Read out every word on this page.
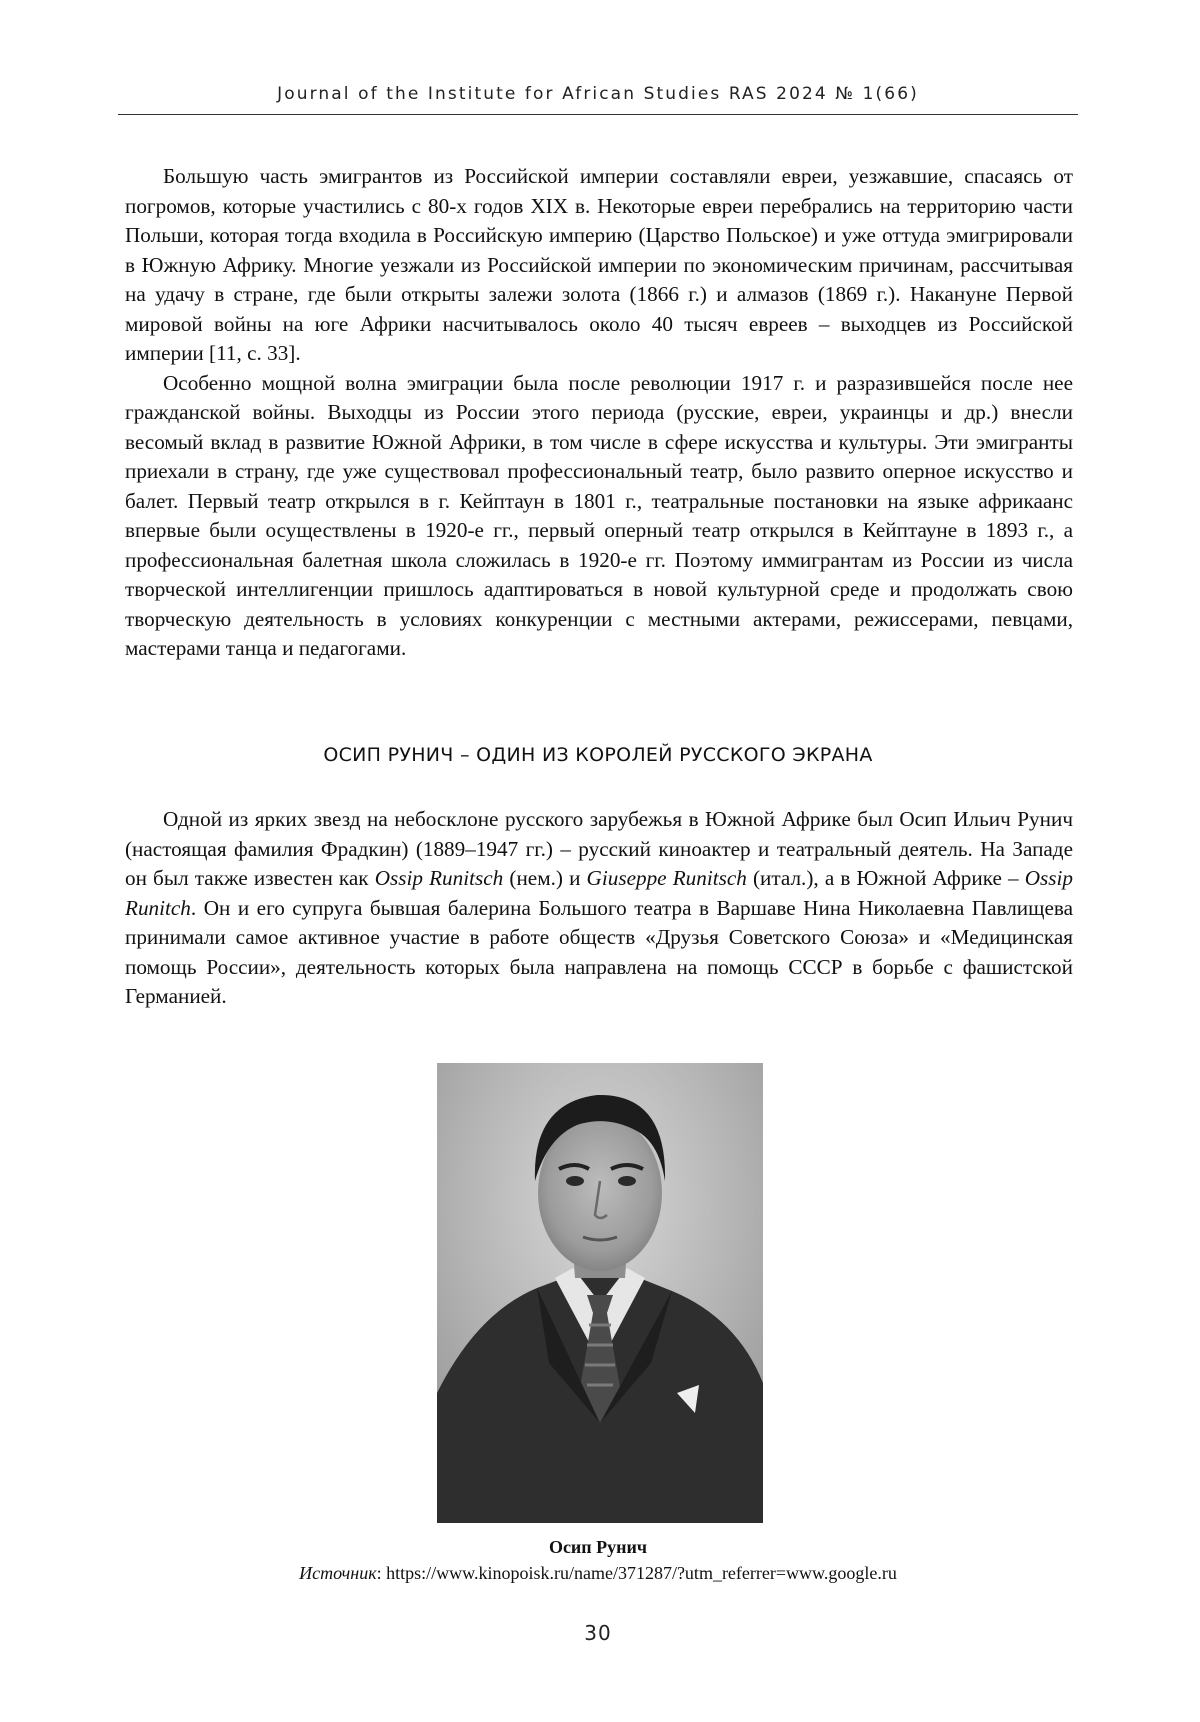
Journal of the Institute for African Studies RAS 2024 № 1(66)

Большую часть эмигрантов из Российской империи составляли евреи, уезжавшие, спасаясь от погромов, которые участились с 80-х годов XIX в. Некоторые евреи перебрались на территорию части Польши, которая тогда входила в Российскую империю (Царство Польское) и уже оттуда эмигрировали в Южную Африку. Многие уезжали из Российской империи по экономическим причинам, рассчитывая на удачу в стране, где были открыты залежи золота (1866 г.) и алмазов (1869 г.). Накануне Первой мировой войны на юге Африки насчитывалось около 40 тысяч евреев – выходцев из Российской империи [11, с. 33].

Особенно мощной волна эмиграции была после революции 1917 г. и разразившейся после нее гражданской войны. Выходцы из России этого периода (русские, евреи, украинцы и др.) внесли весомый вклад в развитие Южной Африки, в том числе в сфере искусства и культуры. Эти эмигранты приехали в страну, где уже существовал профессиональный театр, было развито оперное искусство и балет. Первый театр открылся в г. Кейптаун в 1801 г., театральные постановки на языке африкаанс впервые были осуществлены в 1920-е гг., первый оперный театр открылся в Кейптауне в 1893 г., а профессиональная балетная школа сложилась в 1920-е гг. Поэтому иммигрантам из России из числа творческой интеллигенции пришлось адаптироваться в новой культурной среде и продолжать свою творческую деятельность в условиях конкуренции с местными актерами, режиссерами, певцами, мастерами танца и педагогами.

ОСИП РУНИЧ – ОДИН ИЗ КОРОЛЕЙ РУССКОГО ЭКРАНА

Одной из ярких звезд на небосклоне русского зарубежья в Южной Африке был Осип Ильич Рунич (настоящая фамилия Фрадкин) (1889–1947 гг.) – русский киноактер и театральный деятель. На Западе он был также известен как Ossip Runitsch (нем.) и Giuseppe Runitsch (итал.), а в Южной Африке – Ossip Runitch. Он и его супруга бывшая балерина Большого театра в Варшаве Нина Николаевна Павлищева принимали самое активное участие в работе обществ «Друзья Советского Союза» и «Медицинская помощь России», деятельность которых была направлена на помощь СССР в борьбе с фашистской Германией.

Осип Рунич
Источник: https://www.kinopoisk.ru/name/371287/?utm_referrer=www.google.ru
30
